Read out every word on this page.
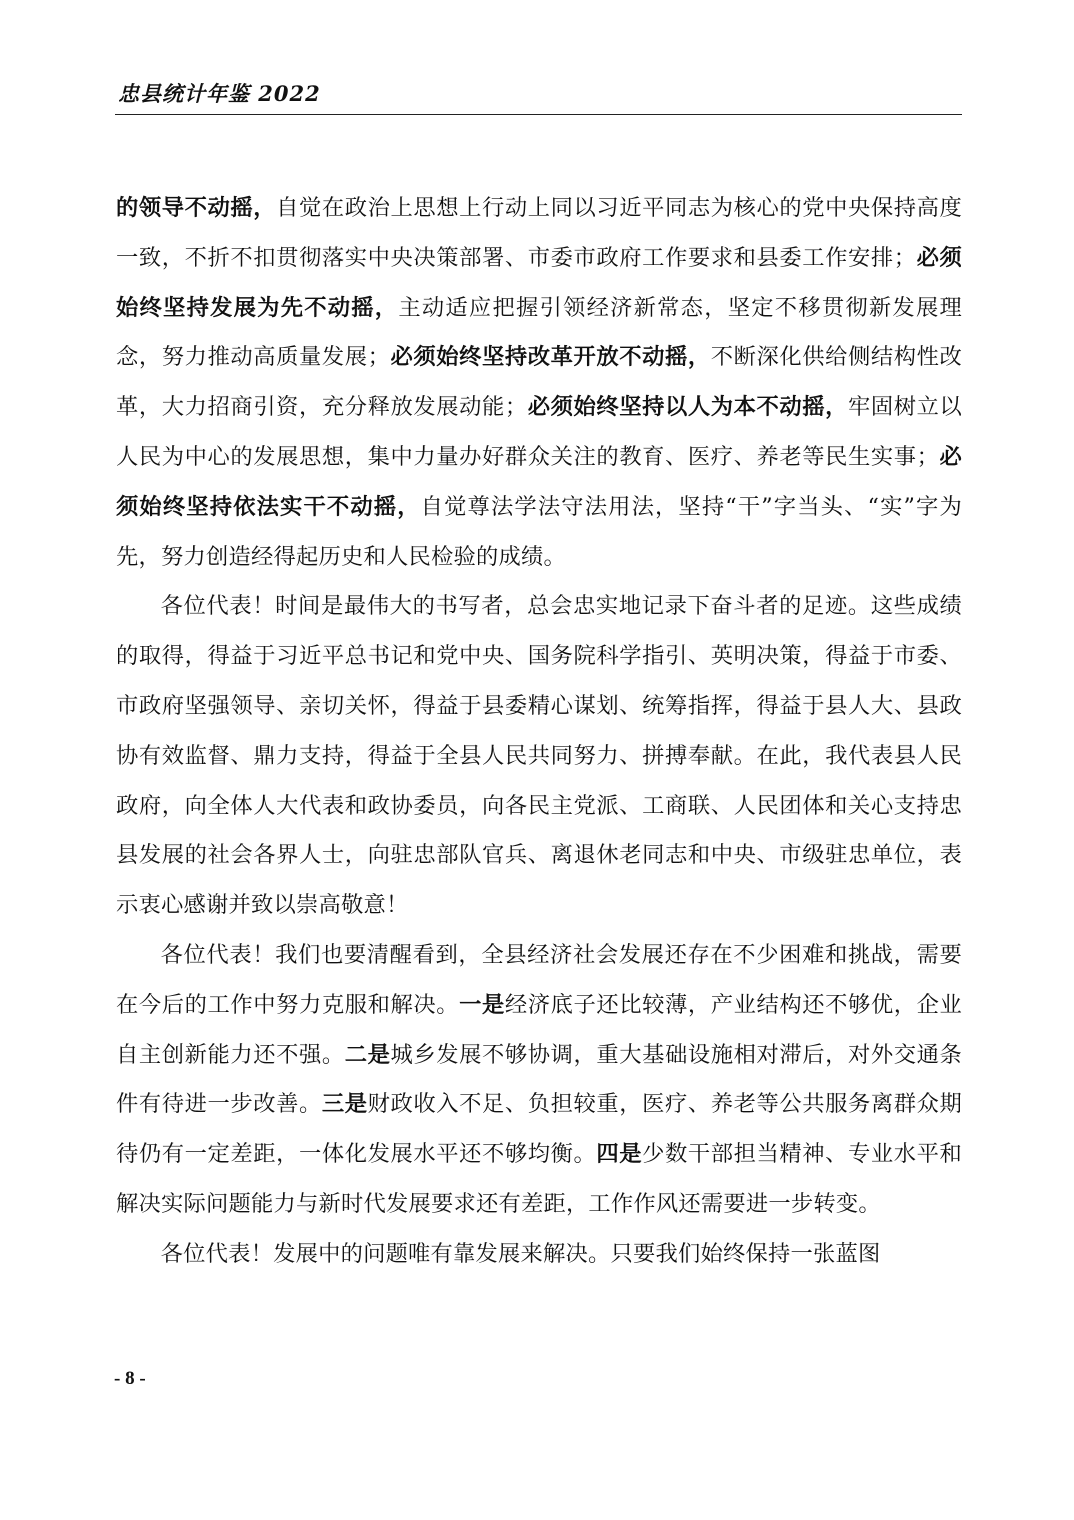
忠县统计年鉴 2022

的领导不动摇，自觉在政治上思想上行动上同以习近平同志为核心的党中央保持高度一致，不折不扣贯彻落实中央决策部署、市委市政府工作要求和县委工作安排；必须始终坚持发展为先不动摇，主动适应把握引领经济新常态，坚定不移贯彻新发展理念，努力推动高质量发展；必须始终坚持改革开放不动摇，不断深化供给侧结构性改革，大力招商引资，充分释放发展动能；必须始终坚持以人为本不动摇，牢固树立以人民为中心的发展思想，集中力量办好群众关注的教育、医疗、养老等民生实事；必须始终坚持依法实干不动摇，自觉尊法学法守法用法，坚持“干”字当头、“实”字为先，努力创造经得起历史和人民检验的成绩。

各位代表！时间是最伟大的书写者，总会忠实地记录下奋斗者的足迹。这些成绩的取得，得益于习近平总书记和党中央、国务院科学指引、英明决策，得益于市委、市政府坚强领导、亲切关怀，得益于县委精心谋划、统筹指挥，得益于县人大、县政协有效监督、鼎力支持，得益于全县人民共同努力、拼搏奉献。在此，我代表县人民政府，向全体人大代表和政协委员，向各民主党派、工商联、人民团体和关心支持忠县发展的社会各界人士，向驻忠部队官兵、离退休老同志和中央、市级驻忠单位，表示衷心感谢并致以崇高敬意！

各位代表！我们也要清醒看到，全县经济社会发展还存在不少困难和挑战，需要在今后的工作中努力克服和解决。一是经济底子还比较薄，产业结构还不够优，企业自主创新能力还不强。二是城乡发展不够协调，重大基础设施相对滞后，对外交通条件有待进一步改善。三是财政收入不足、负担较重，医疗、养老等公共服务离群众期待仍有一定差距，一体化发展水平还不够均衡。四是少数干部担当精神、专业水平和解决实际问题能力与新时代发展要求还有差距，工作作风还需要进一步转变。

各位代表！发展中的问题唯有靠发展来解决。只要我们始终保持一张蓝图

- 8 -
